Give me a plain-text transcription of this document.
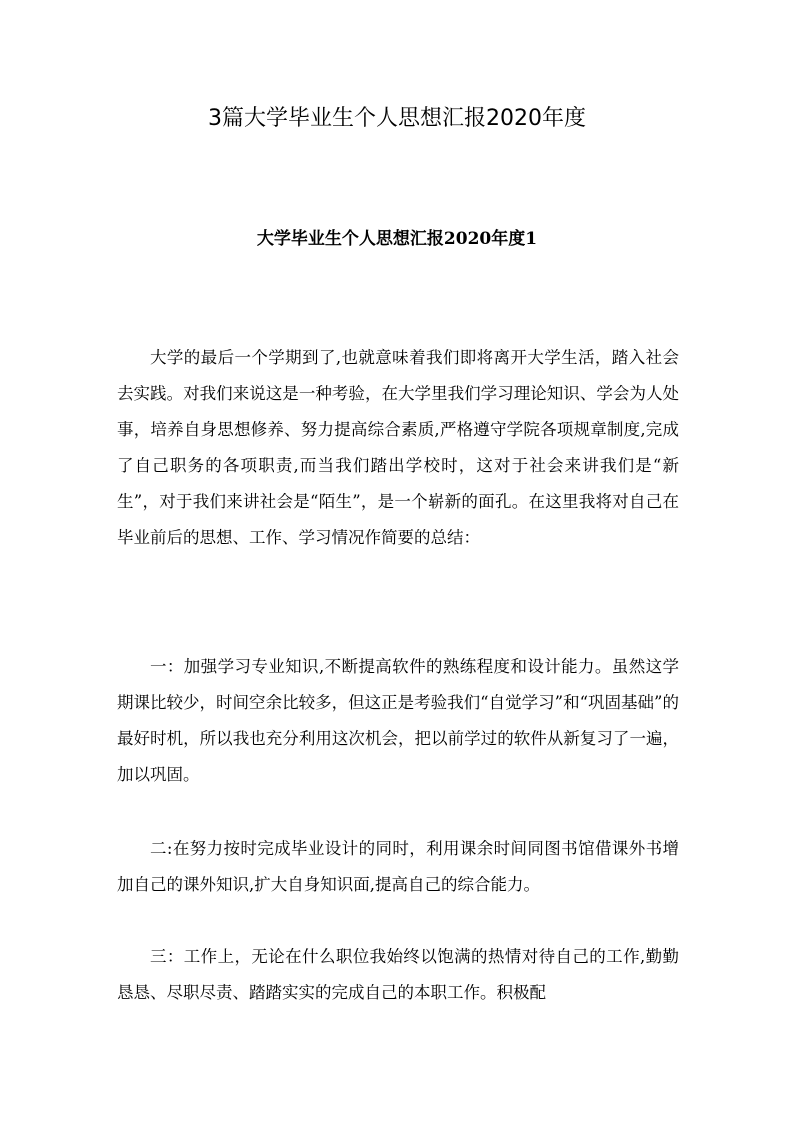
3篇大学毕业生个人思想汇报2020年度
大学毕业生个人思想汇报2020年度1

大学的最后一个学期到了,也就意味着我们即将离开大学生活，踏入社会去实践。对我们来说这是一种考验，在大学里我们学习理论知识、学会为人处事，培养自身思想修养、努力提高综合素质,严格遵守学院各项规章制度,完成了自己职务的各项职责,而当我们踏出学校时，这对于社会来讲我们是“新生”，对于我们来讲社会是“陌生”，是一个崭新的面孔。在这里我将对自己在毕业前后的思想、工作、学习情况作简要的总结：

一：加强学习专业知识,不断提高软件的熟练程度和设计能力。虽然这学期课比较少，时间空余比较多，但这正是考验我们“自觉学习”和“巩固基础”的最好时机，所以我也充分利用这次机会，把以前学过的软件从新复习了一遍，加以巩固。

二:在努力按时完成毕业设计的同时，利用课余时间同图书馆借课外书增加自己的课外知识,扩大自身知识面,提高自己的综合能力。

三：工作上，无论在什么职位我始终以饱满的热情对待自己的工作,勤勤恳恳、尽职尽责、踏踏实实的完成自己的本职工作。积极配
